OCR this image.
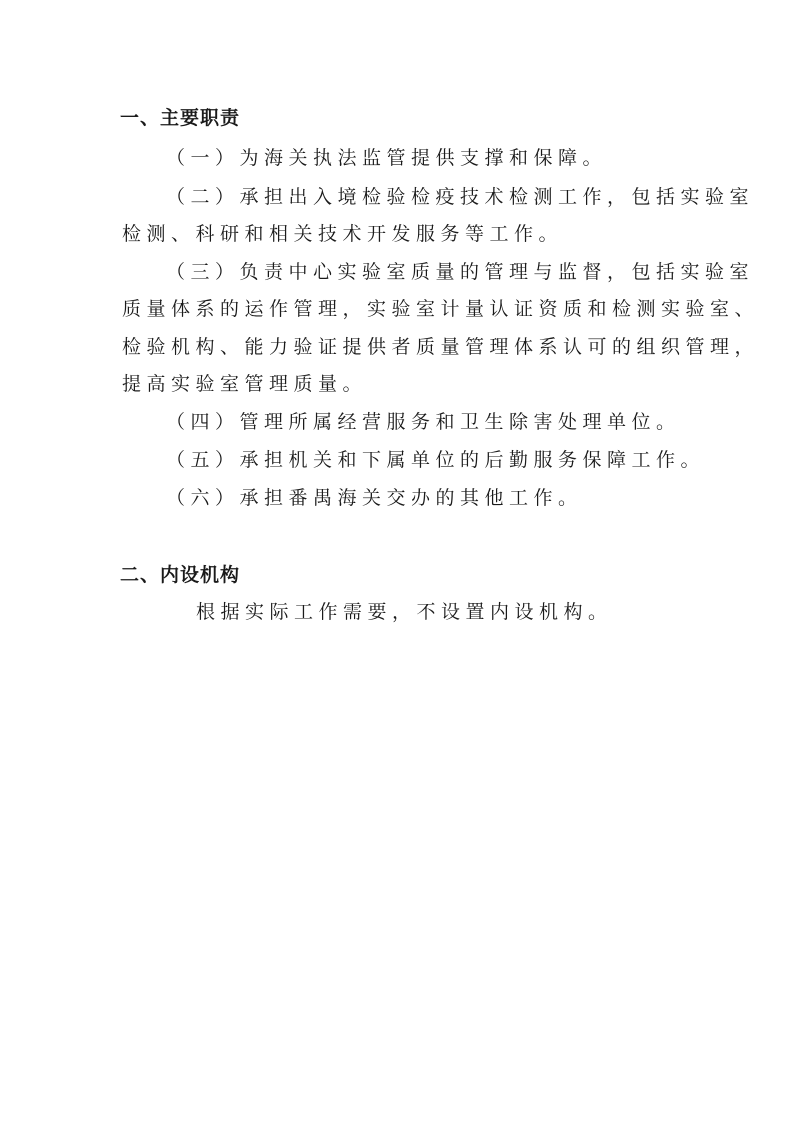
一、主要职责
（一）为海关执法监管提供支撑和保障。
（二）承担出入境检验检疫技术检测工作，包括实验室
检测、科研和相关技术开发服务等工作。
（三）负责中心实验室质量的管理与监督，包括实验室
质量体系的运作管理，实验室计量认证资质和检测实验室、
检验机构、能力验证提供者质量管理体系认可的组织管理，
提高实验室管理质量。
（四）管理所属经营服务和卫生除害处理单位。
（五）承担机关和下属单位的后勤服务保障工作。
（六）承担番禺海关交办的其他工作。
二、内设机构
根据实际工作需要，不设置内设机构。
